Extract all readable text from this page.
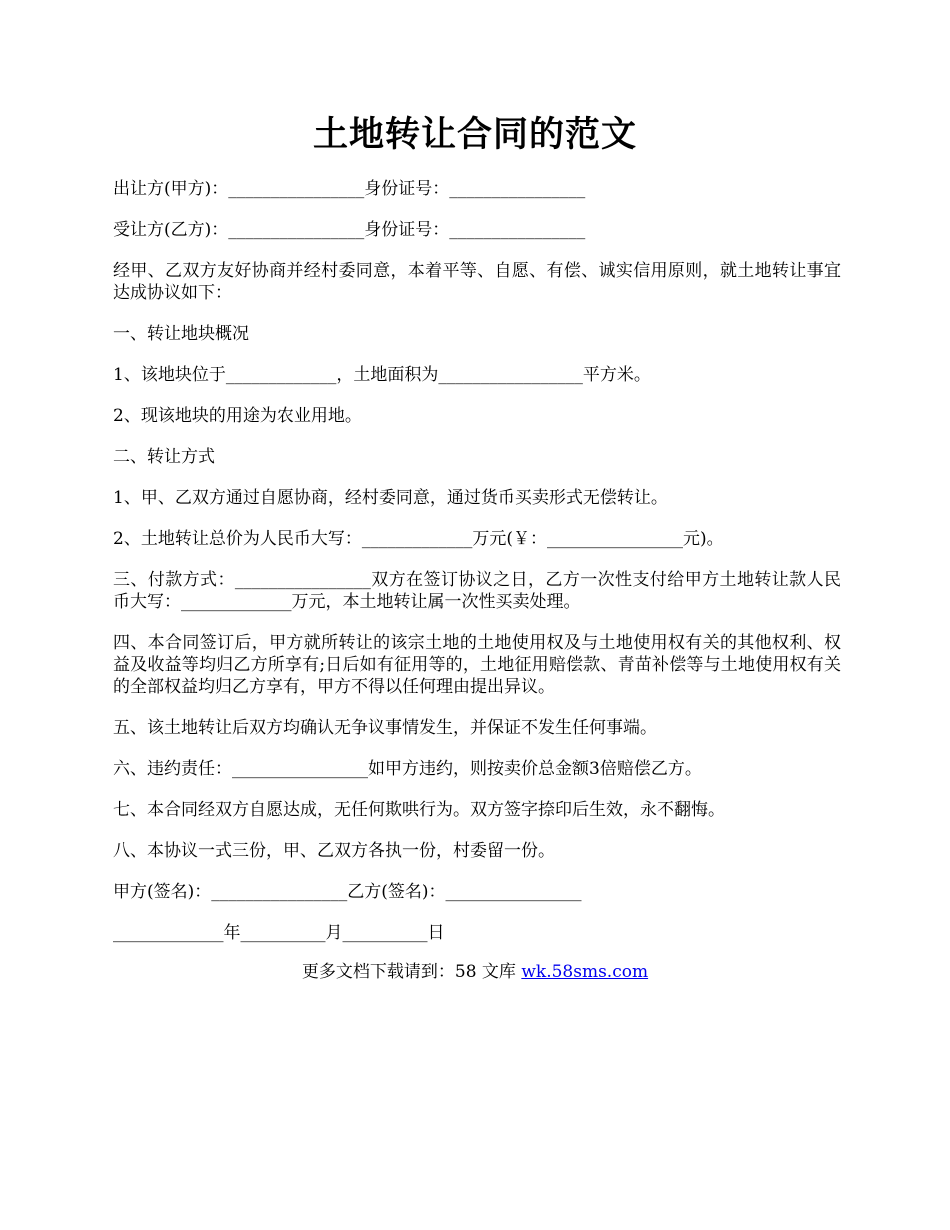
土地转让合同的范文

出让方(甲方)：________________身份证号：________________

受让方(乙方)：________________身份证号：________________

经甲、乙双方友好协商并经村委同意，本着平等、自愿、有偿、诚实信用原则，就土地转让事宜达成协议如下：

一、转让地块概况

1、该地块位于_____________，土地面积为_________________平方米。

2、现该地块的用途为农业用地。

二、转让方式

1、甲、乙双方通过自愿协商，经村委同意，通过货币买卖形式无偿转让。

2、土地转让总价为人民币大写：_____________万元(￥：________________元)。

三、付款方式：________________双方在签订协议之日，乙方一次性支付给甲方土地转让款人民币大写：_____________万元，本土地转让属一次性买卖处理。

四、本合同签订后，甲方就所转让的该宗土地的土地使用权及与土地使用权有关的其他权利、权益及收益等均归乙方所享有;日后如有征用等的，土地征用赔偿款、青苗补偿等与土地使用权有关的全部权益均归乙方享有，甲方不得以任何理由提出异议。

五、该土地转让后双方均确认无争议事情发生，并保证不发生任何事端。

六、违约责任：________________如甲方违约，则按卖价总金额3倍赔偿乙方。

七、本合同经双方自愿达成，无任何欺哄行为。双方签字捺印后生效，永不翻悔。

八、本协议一式三份，甲、乙双方各执一份，村委留一份。

甲方(签名)：________________乙方(签名)：________________

_____________年__________月__________日

更多文档下载请到：58 文库 wk.58sms.com
